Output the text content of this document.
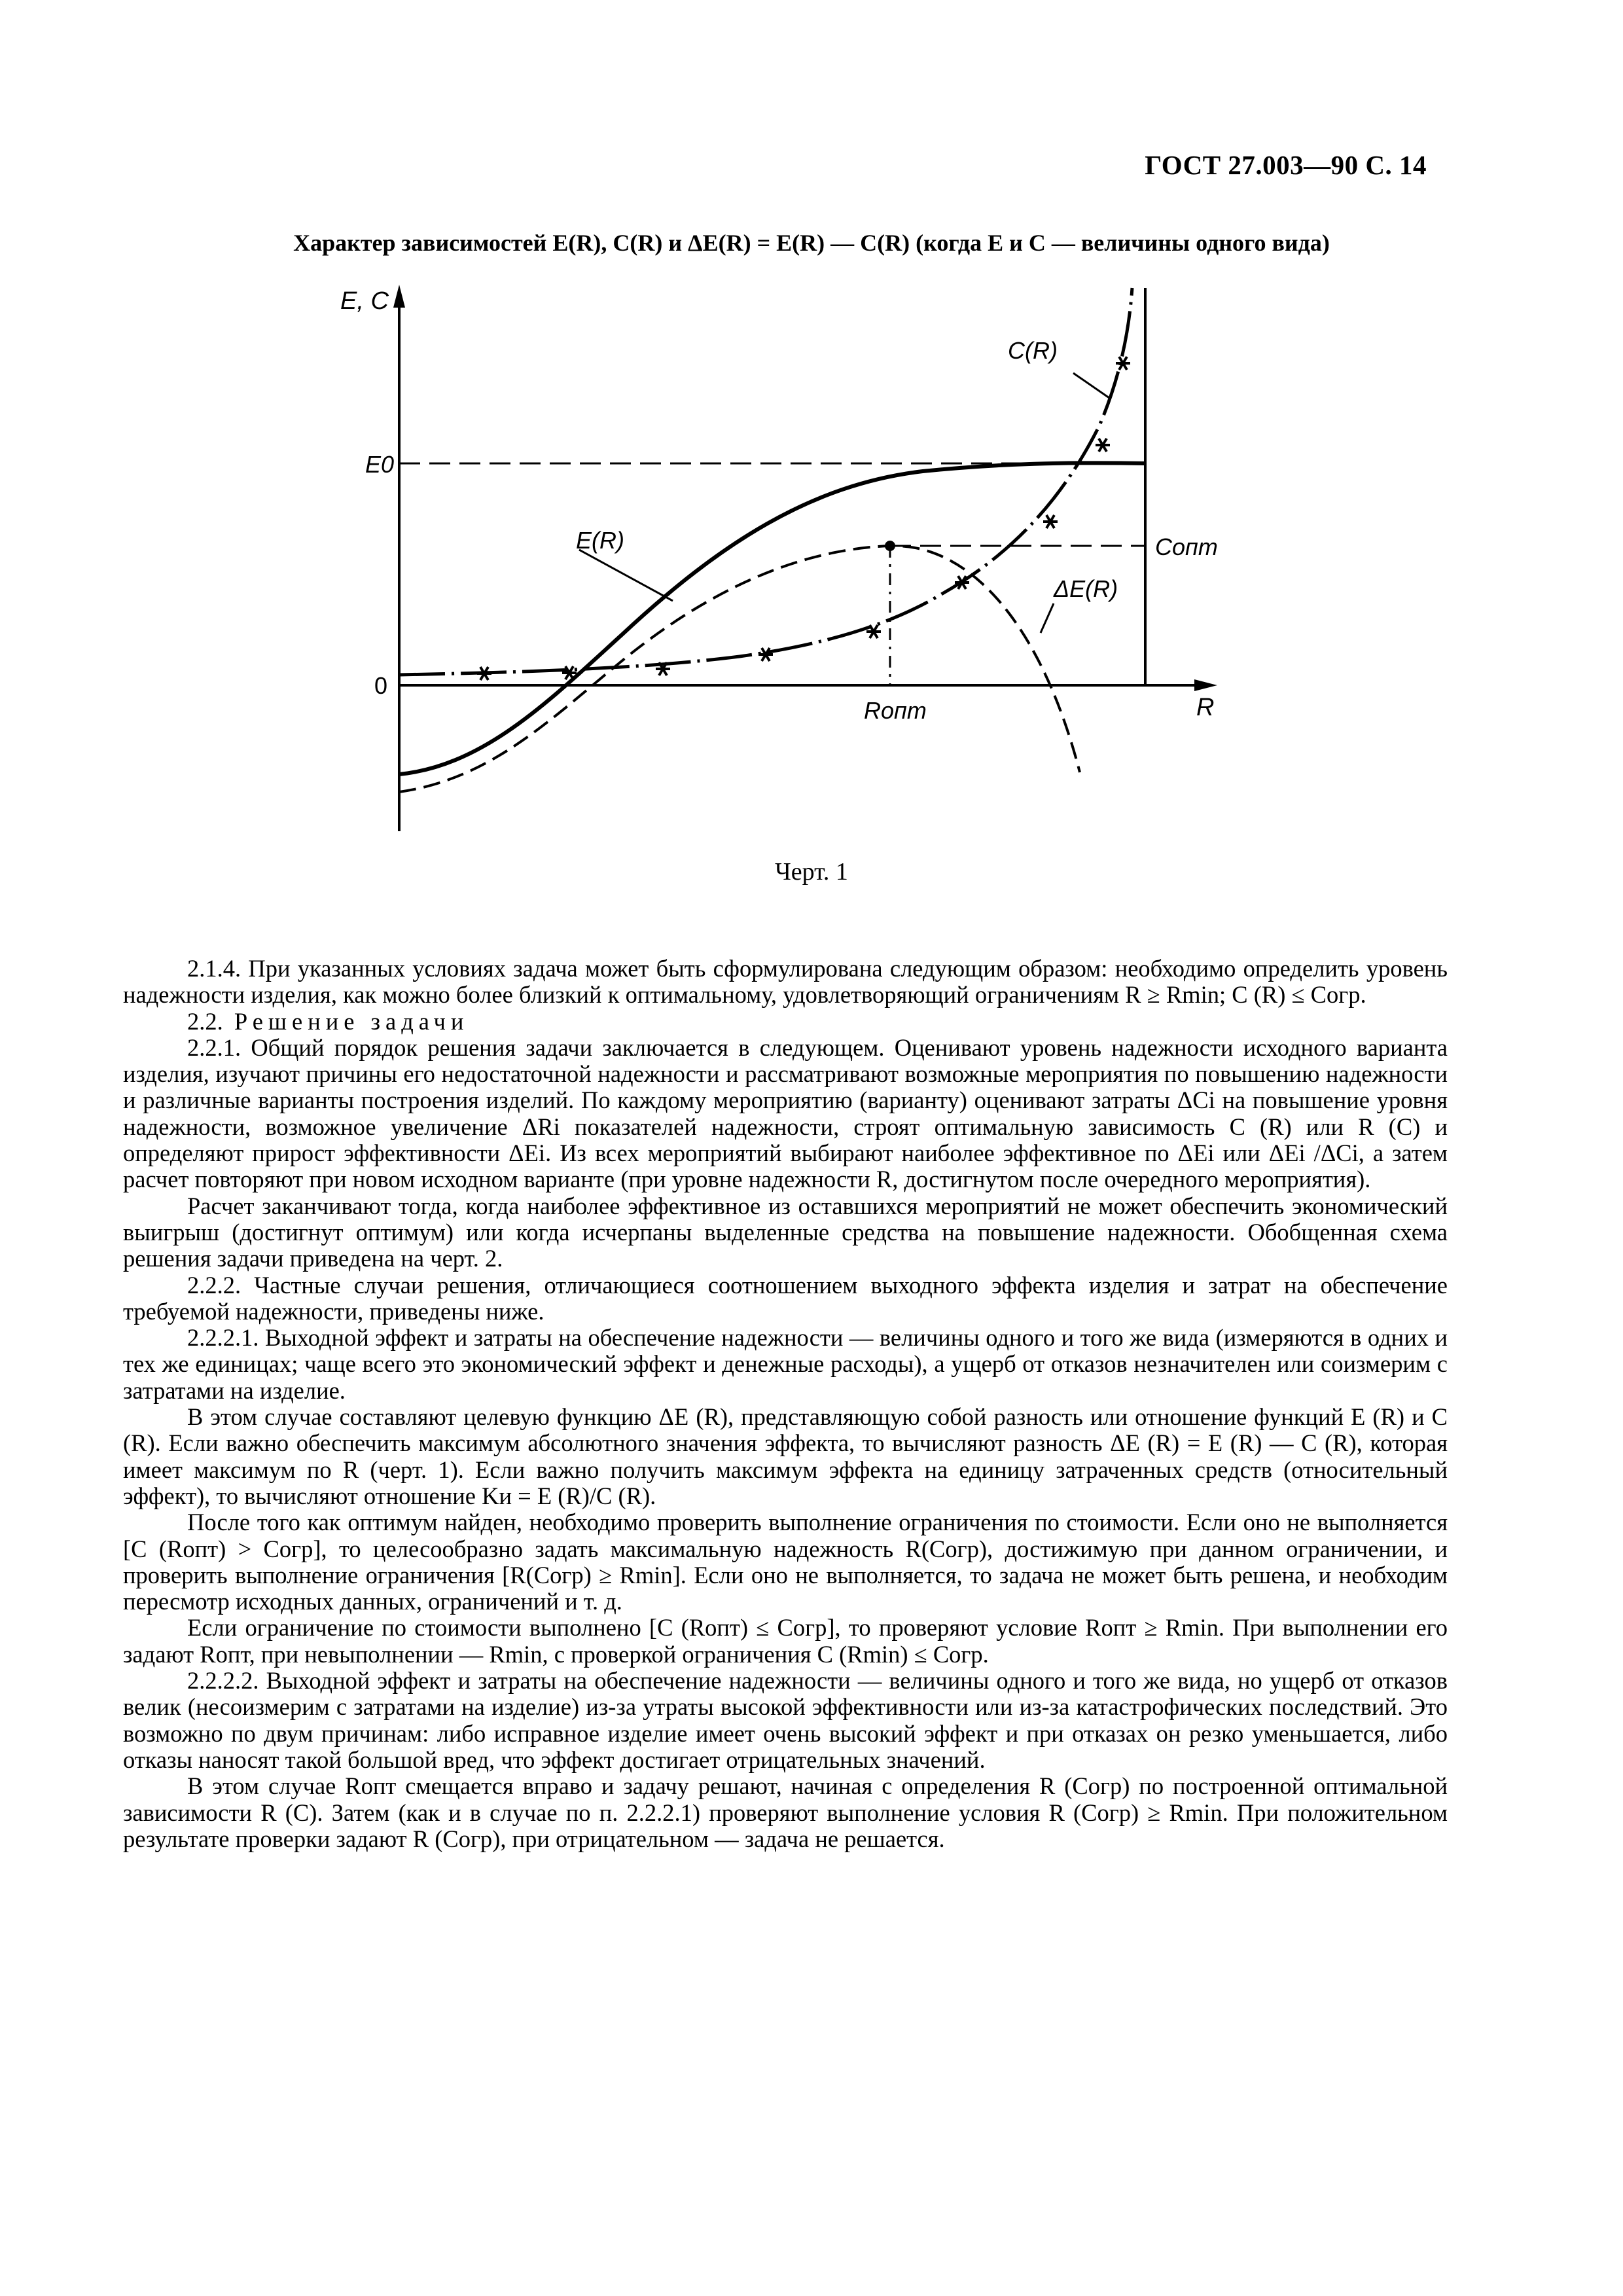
ГОСТ 27.003—90 С. 14
Характер зависимостей E(R), C(R) и ΔE(R) = E(R) — C(R) (когда E и C — величины одного вида)
E, C
0
E0
C(R)
E(R)
ΔE(R)
Cопт
Rопт	R
Черт. 1

2.1.4. При указанных условиях задача может быть сформулирована следующим образом: необходимо определить уровень надежности изделия, как можно более близкий к оптимальному, удовлетворяющий ограничениям R ≥ Rmin; C (R) ≤ Cогр.

2.2. Решение задачи

2.2.1. Общий порядок решения задачи заключается в следующем. Оценивают уровень надежности исходного варианта изделия, изучают причины его недостаточной надежности и рассматривают возможные мероприятия по повышению надежности и различные варианты построения изделий. По каждому мероприятию (варианту) оценивают затраты ΔCi на повышение уровня надежности, возможное увеличение ΔRi показателей надежности, строят оптимальную зависимость C (R) или R (C) и определяют прирост эффективности ΔEi. Из всех мероприятий выбирают наиболее эффективное по ΔEi или ΔEi /ΔCi, а затем расчет повторяют при новом исходном варианте (при уровне надежности R, достигнутом после очередного мероприятия).

Расчет заканчивают тогда, когда наиболее эффективное из оставшихся мероприятий не может обеспечить экономический выигрыш (достигнут оптимум) или когда исчерпаны выделенные средства на повышение надежности. Обобщенная схема решения задачи приведена на черт. 2.

2.2.2. Частные случаи решения, отличающиеся соотношением выходного эффекта изделия и затрат на обеспечение требуемой надежности, приведены ниже.

2.2.2.1. Выходной эффект и затраты на обеспечение надежности — величины одного и того же вида (измеряются в одних и тех же единицах; чаще всего это экономический эффект и денежные расходы), а ущерб от отказов незначителен или соизмерим с затратами на изделие.

В этом случае составляют целевую функцию ΔE (R), представляющую собой разность или отношение функций E (R) и C (R). Если важно обеспечить максимум абсолютного значения эффекта, то вычисляют разность ΔE (R) = E (R) — C (R), которая имеет максимум по R (черт. 1). Если важно получить максимум эффекта на единицу затраченных средств (относительный эффект), то вычисляют отношение Kи = E (R)/C (R).

После того как оптимум найден, необходимо проверить выполнение ограничения по стоимости. Если оно не выполняется [C (Rопт) > Cогр], то целесообразно задать максимальную надежность R(Cогр), достижимую при данном ограничении, и проверить выполнение ограничения [R(Cогр) ≥ Rmin]. Если оно не выполняется, то задача не может быть решена, и необходим пересмотр исходных данных, ограничений и т. д.

Если ограничение по стоимости выполнено [C (Rопт) ≤ Cогр], то проверяют условие Rопт ≥ Rmin. При выполнении его задают Rопт, при невыполнении — Rmin, с проверкой ограничения C (Rmin) ≤ Cогр.

2.2.2.2. Выходной эффект и затраты на обеспечение надежности — величины одного и того же вида, но ущерб от отказов велик (несоизмерим с затратами на изделие) из-за утраты высокой эффективности или из-за катастрофических последствий. Это возможно по двум причинам: либо исправное изделие имеет очень высокий эффект и при отказах он резко уменьшается, либо отказы наносят такой большой вред, что эффект достигает отрицательных значений.

В этом случае Rопт смещается вправо и задачу решают, начиная с определения R (Cогр) по построенной оптимальной зависимости R (C). Затем (как и в случае по п. 2.2.2.1) проверяют выполнение условия R (Cогр) ≥ Rmin. При положительном результате проверки задают R (Cогр), при отрицательном — задача не решается.
